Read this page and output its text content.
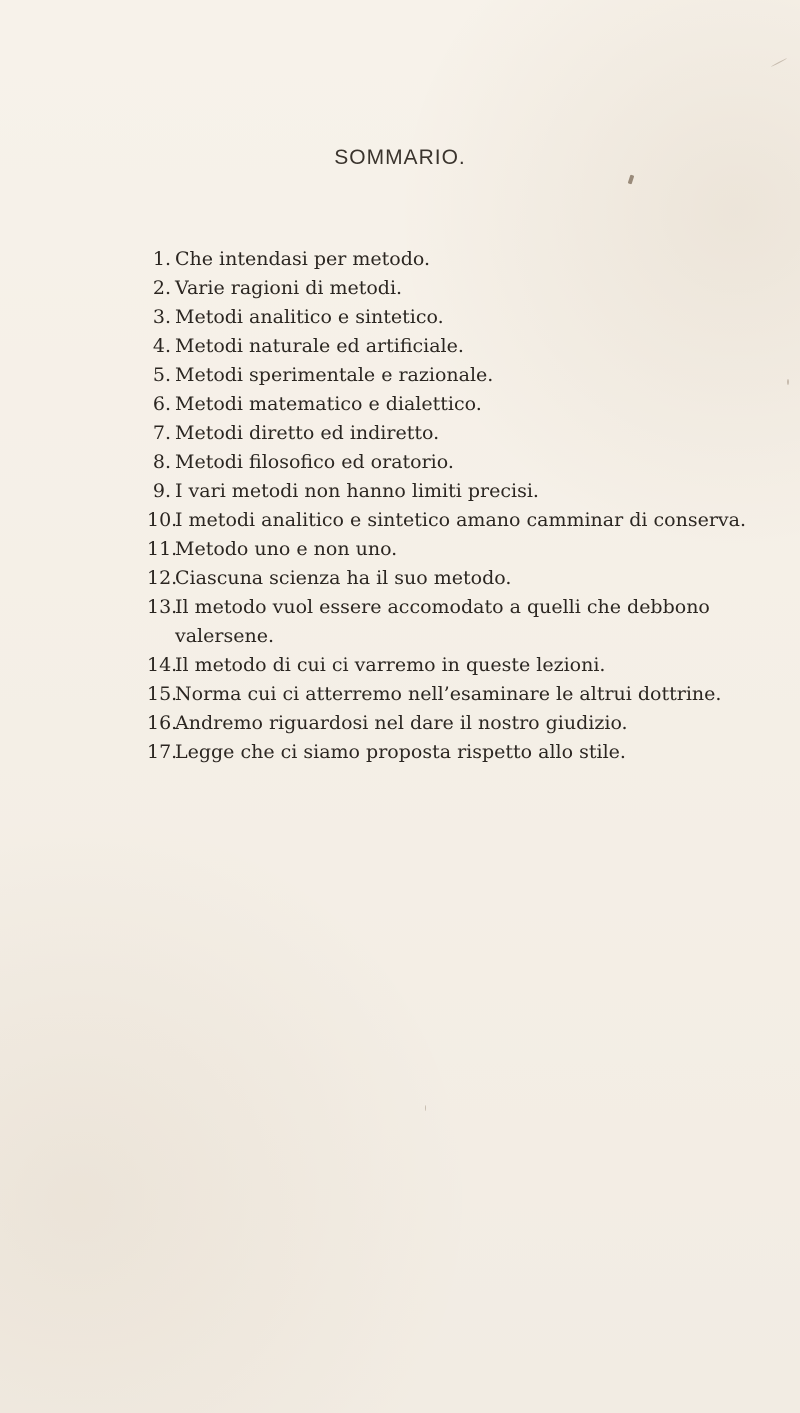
SOMMARIO.
1. Che intendasi per metodo.
2. Varie ragioni di metodi.
3. Metodi analitico e sintetico.
4. Metodi naturale ed artificiale.
5. Metodi sperimentale e razionale.
6. Metodi matematico e dialettico.
7. Metodi diretto ed indiretto.
8. Metodi filosofico ed oratorio.
9. I vari metodi non hanno limiti precisi.
10.
I metodi analitico e sintetico amano camminar di conserva.
11.
Metodo uno e non uno.
12.
Ciascuna scienza ha il suo metodo.
13.
Il metodo vuol essere accomodato a quelli che debbono valersene.
14.
Il metodo di cui ci varremo in queste lezioni.
15.
Norma cui ci atterremo nell’esaminare le altrui dottrine.
16.
Andremo riguardosi nel dare il nostro giudizio.
17.
Legge che ci siamo proposta rispetto allo stile.
